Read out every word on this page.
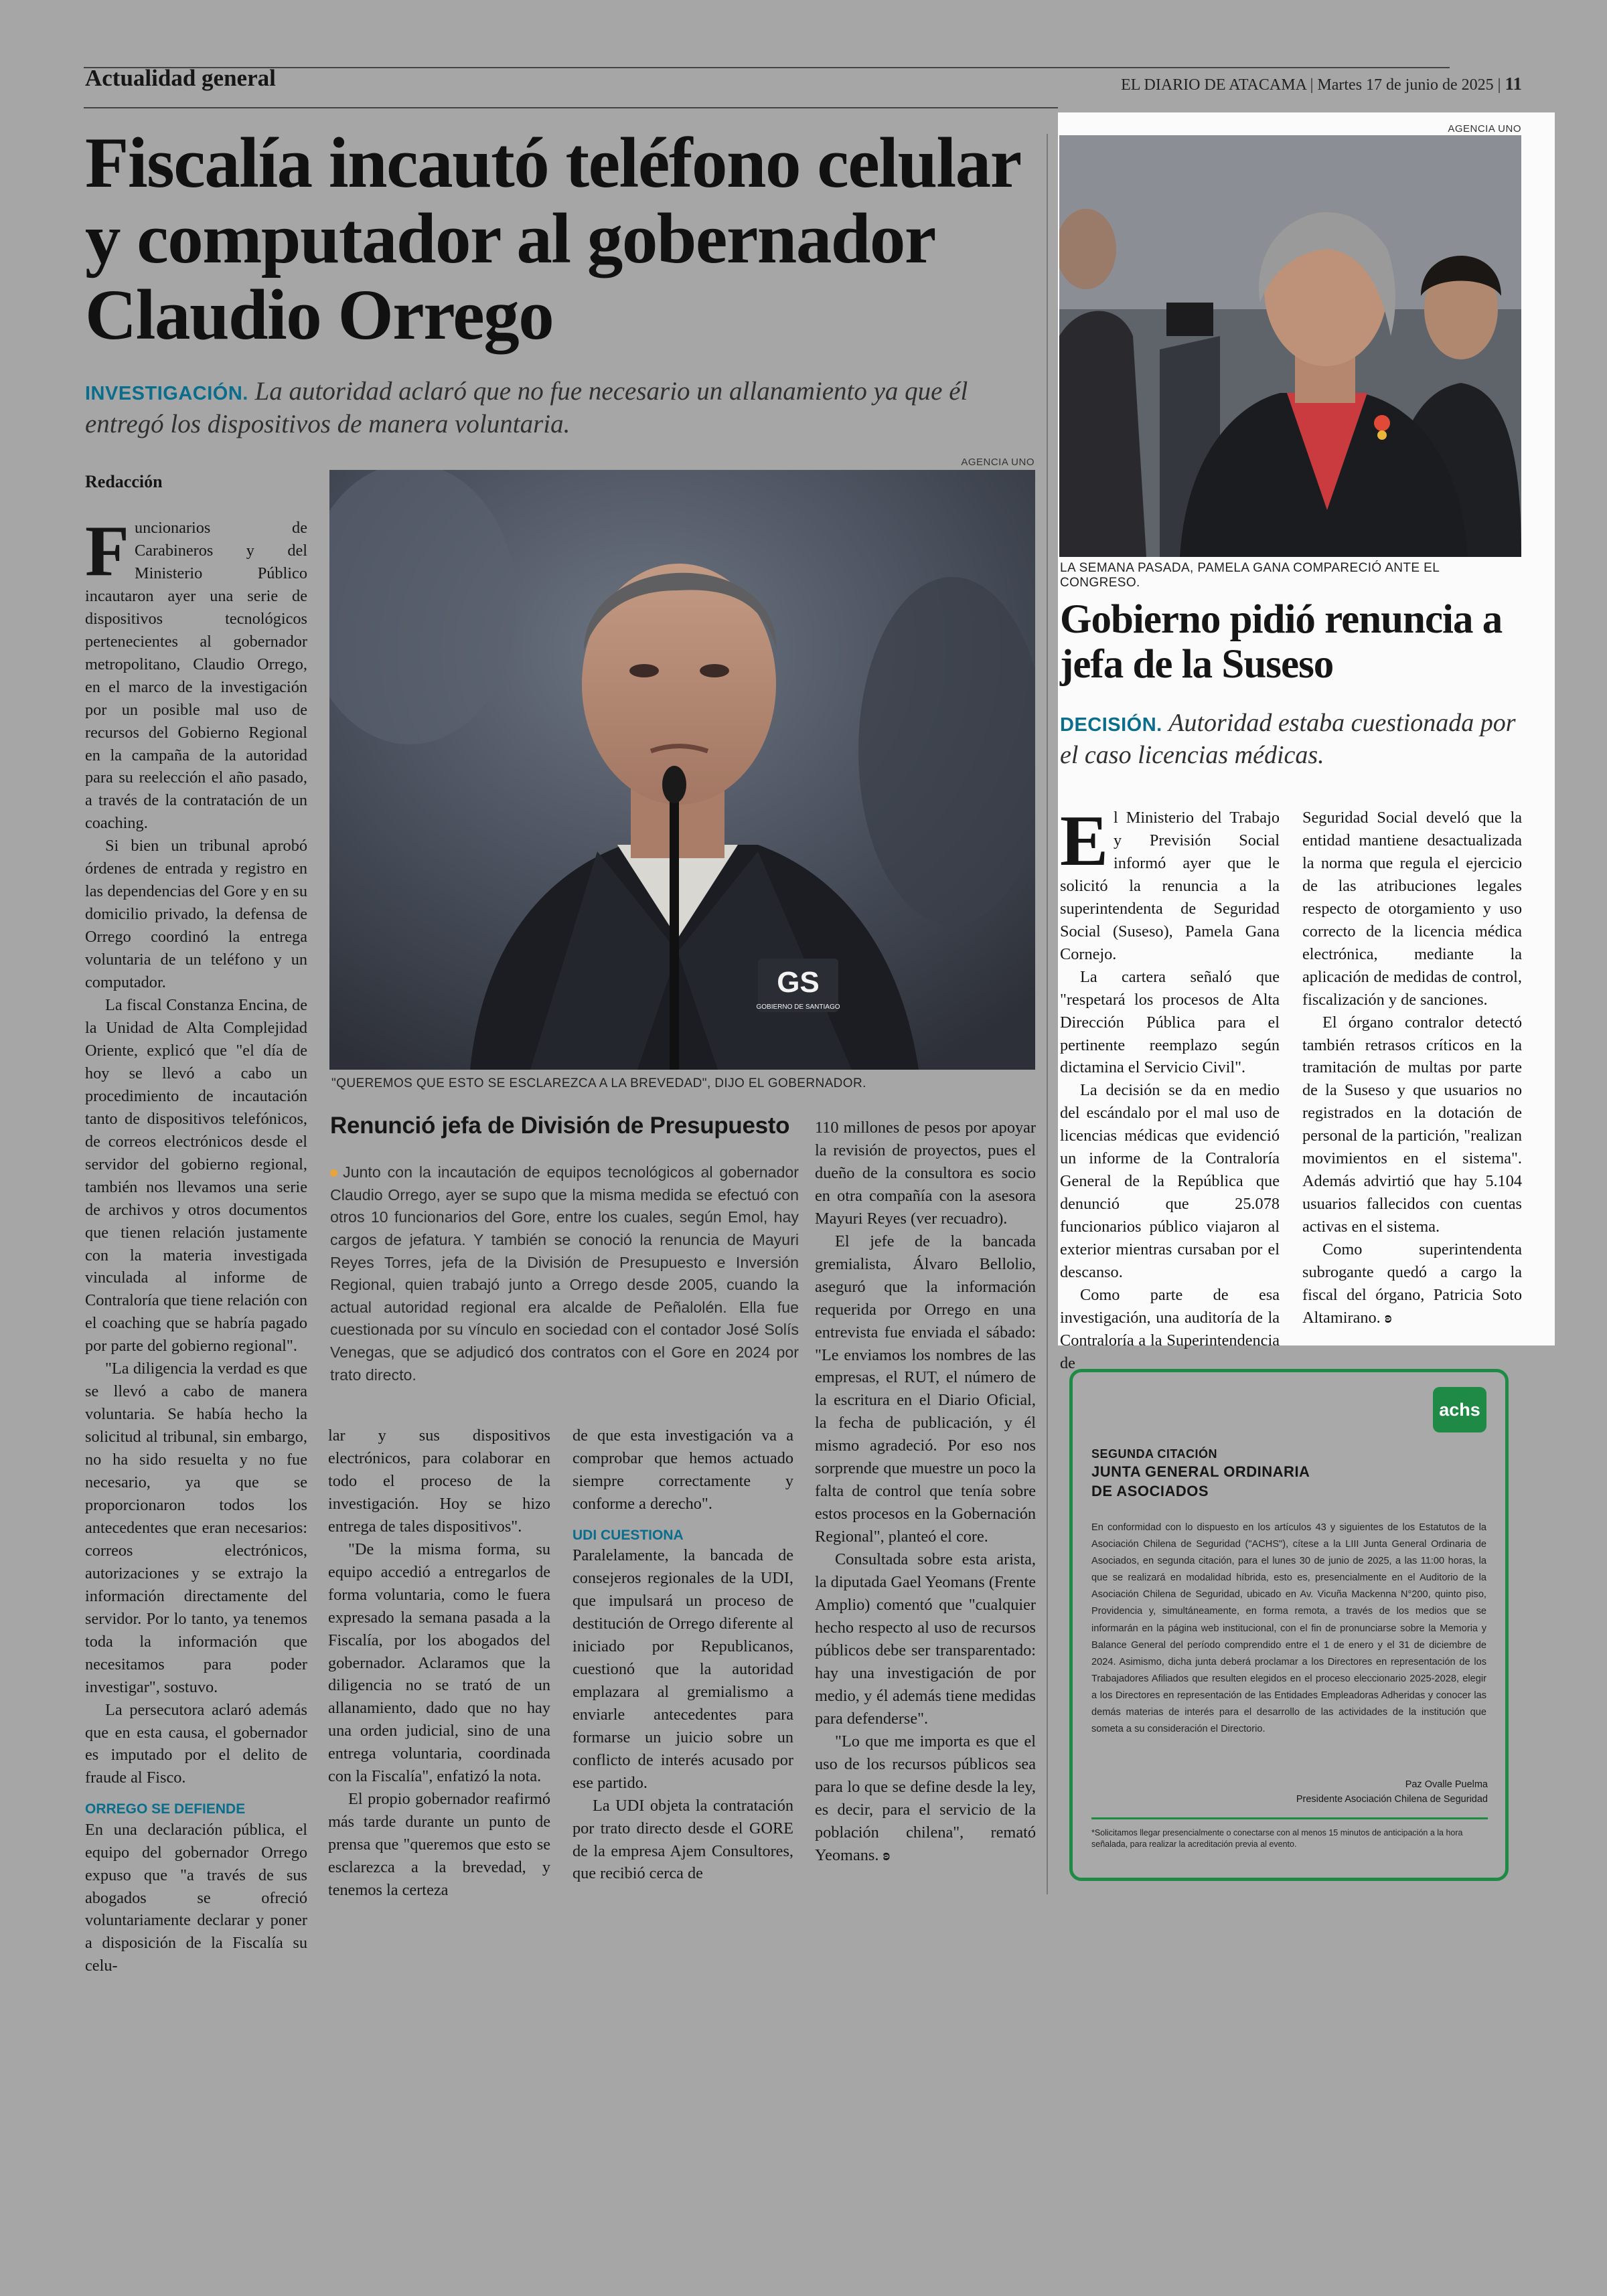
Actualidad general	EL DIARIO DE ATACAMA | Martes 17 de junio de 2025 | 11
Fiscalía incautó teléfono celular y computador al gobernador Claudio Orrego
INVESTIGACIÓN. La autoridad aclaró que no fue necesario un allanamiento ya que él entregó los dispositivos de manera voluntaria.
Redacción

Funcionarios de Carabineros y del Ministerio Público incautaron ayer una serie de dispositivos tecnológicos pertenecientes al gobernador metropolitano, Claudio Orrego, en el marco de la investigación por un posible mal uso de recursos del Gobierno Regional en la campaña de la autoridad para su reelección el año pasado, a través de la contratación de un coaching.

Si bien un tribunal aprobó órdenes de entrada y registro en las dependencias del Gore y en su domicilio privado, la defensa de Orrego coordinó la entrega voluntaria de un teléfono y un computador.

La fiscal Constanza Encina, de la Unidad de Alta Complejidad Oriente, explicó que "el día de hoy se llevó a cabo un procedimiento de incautación tanto de dispositivos telefónicos, de correos electrónicos desde el servidor del gobierno regional, también nos llevamos una serie de archivos y otros documentos que tienen relación justamente con la materia investigada vinculada al informe de Contraloría que tiene relación con el coaching que se habría pagado por parte del gobierno regional".

"La diligencia la verdad es que se llevó a cabo de manera voluntaria. Se había hecho la solicitud al tribunal, sin embargo, no ha sido resuelta y no fue necesario, ya que se proporcionaron todos los antecedentes que eran necesarios: correos electrónicos, autorizaciones y se extrajo la información directamente del servidor. Por lo tanto, ya tenemos toda la información que necesitamos para poder investigar", sostuvo.

La persecutora aclaró además que en esta causa, el gobernador es imputado por el delito de fraude al Fisco.

ORREGO SE DEFIENDE

En una declaración pública, el equipo del gobernador Orrego expuso que "a través de sus abogados se ofreció voluntariamente declarar y poner a disposición de la Fiscalía su celu-

AGENCIA UNO
GS
GOBIERNO DE SANTIAGO
"QUEREMOS QUE ESTO SE ESCLAREZCA A LA BREVEDAD", DIJO EL GOBERNADOR.
Renunció jefa de División de Presupuesto
Junto con la incautación de equipos tecnológicos al gobernador Claudio Orrego, ayer se supo que la misma medida se efectuó con otros 10 funcionarios del Gore, entre los cuales, según Emol, hay cargos de jefatura. Y también se conoció la renuncia de Mayuri Reyes Torres, jefa de la División de Presupuesto e Inversión Regional, quien trabajó junto a Orrego desde 2005, cuando la actual autoridad regional era alcalde de Peñalolén. Ella fue cuestionada por su vínculo en sociedad con el contador José Solís Venegas, que se adjudicó dos contratos con el Gore en 2024 por trato directo.

lar y sus dispositivos electrónicos, para colaborar en todo el proceso de la investigación. Hoy se hizo entrega de tales dispositivos".

"De la misma forma, su equipo accedió a entregarlos de forma voluntaria, como le fuera expresado la semana pasada a la Fiscalía, por los abogados del gobernador. Aclaramos que la diligencia no se trató de un allanamiento, dado que no hay una orden judicial, sino de una entrega voluntaria, coordinada con la Fiscalía", enfatizó la nota.

El propio gobernador reafirmó más tarde durante un punto de prensa que "queremos que esto se esclarezca a la brevedad, y tenemos la certeza

de que esta investigación va a comprobar que hemos actuado siempre correctamente y conforme a derecho".

UDI CUESTIONA

Paralelamente, la bancada de consejeros regionales de la UDI, que impulsará un proceso de destitución de Orrego diferente al iniciado por Republicanos, cuestionó que la autoridad emplazara al gremialismo a enviarle antecedentes para formarse un juicio sobre un conflicto de interés acusado por ese partido.

La UDI objeta la contratación por trato directo desde el GORE de la empresa Ajem Consultores, que recibió cerca de

110 millones de pesos por apoyar la revisión de proyectos, pues el dueño de la consultora es socio en otra compañía con la asesora Mayuri Reyes (ver recuadro).

El jefe de la bancada gremialista, Álvaro Bellolio, aseguró que la información requerida por Orrego en una entrevista fue enviada el sábado: "Le enviamos los nombres de las empresas, el RUT, el número de la escritura en el Diario Oficial, la fecha de publicación, y él mismo agradeció. Por eso nos sorprende que muestre un poco la falta de control que tenía sobre estos procesos en la Gobernación Regional", planteó el core.

Consultada sobre esta arista, la diputada Gael Yeomans (Frente Amplio) comentó que "cualquier hecho respecto al uso de recursos públicos debe ser transparentado: hay una investigación de por medio, y él además tiene medidas para defenderse".

"Lo que me importa es que el uso de los recursos públicos sea para lo que se define desde la ley, es decir, para el servicio de la población chilena", remató Yeomans. ʚ

AGENCIA UNO
LA SEMANA PASADA, PAMELA GANA COMPARECIÓ ANTE EL CONGRESO.
Gobierno pidió renuncia a jefa de la Suseso
DECISIÓN. Autoridad estaba cuestionada por el caso licencias médicas.

El Ministerio del Trabajo y Previsión Social informó ayer que le solicitó la renuncia a la superintendenta de Seguridad Social (Suseso), Pamela Gana Cornejo.

La cartera señaló que "respetará los procesos de Alta Dirección Pública para el pertinente reemplazo según dictamina el Servicio Civil".

La decisión se da en medio del escándalo por el mal uso de licencias médicas que evidenció un informe de la Contraloría General de la República que denunció que 25.078 funcionarios público viajaron al exterior mientras cursaban por el descanso.

Como parte de esa investigación, una auditoría de la Contraloría a la Superintendencia de

Seguridad Social develó que la entidad mantiene desactualizada la norma que regula el ejercicio de las atribuciones legales respecto de otorgamiento y uso correcto de la licencia médica electrónica, mediante la aplicación de medidas de control, fiscalización y de sanciones.

El órgano contralor detectó también retrasos críticos en la tramitación de multas por parte de la Suseso y que usuarios no registrados en la dotación de personal de la partición, "realizan movimientos en el sistema". Además advirtió que hay 5.104 usuarios fallecidos con cuentas activas en el sistema.

Como superintendenta subrogante quedó a cargo la fiscal del órgano, Patricia Soto Altamirano. ʚ

achs
SEGUNDA CITACIÓN
JUNTA GENERAL ORDINARIA DE ASOCIADOS
En conformidad con lo dispuesto en los artículos 43 y siguientes de los Estatutos de la Asociación Chilena de Seguridad ("ACHS"), cítese a la LIII Junta General Ordinaria de Asociados, en segunda citación, para el lunes 30 de junio de 2025, a las 11:00 horas, la que se realizará en modalidad híbrida, esto es, presencialmente en el Auditorio de la Asociación Chilena de Seguridad, ubicado en Av. Vicuña Mackenna N°200, quinto piso, Providencia y, simultáneamente, en forma remota, a través de los medios que se informarán en la página web institucional, con el fin de pronunciarse sobre la Memoria y Balance General del período comprendido entre el 1 de enero y el 31 de diciembre de 2024. Asimismo, dicha junta deberá proclamar a los Directores en representación de los Trabajadores Afiliados que resulten elegidos en el proceso eleccionario 2025-2028, elegir a los Directores en representación de las Entidades Empleadoras Adheridas y conocer las demás materias de interés para el desarrollo de las actividades de la institución que someta a su consideración el Directorio.
Paz Ovalle Puelma
Presidente Asociación Chilena de Seguridad
*Solicitamos llegar presencialmente o conectarse con al menos 15 minutos de anticipación a la hora señalada, para realizar la acreditación previa al evento.
